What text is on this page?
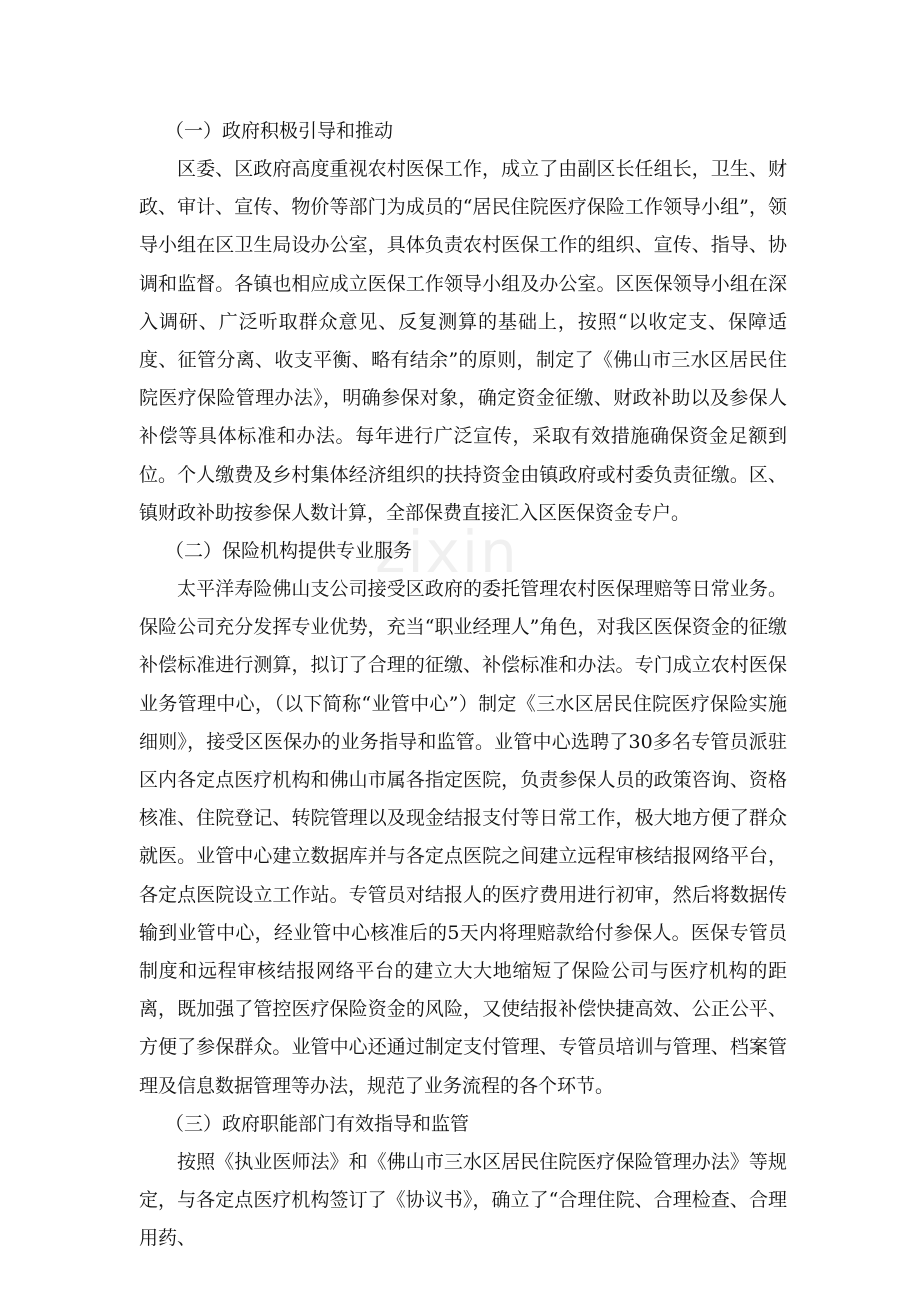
（一）政府积极引导和推动

区委、区政府高度重视农村医保工作，成立了由副区长任组长，卫生、财政、审计、宣传、物价等部门为成员的“居民住院医疗保险工作领导小组”，领导小组在区卫生局设办公室，具体负责农村医保工作的组织、宣传、指导、协调和监督。各镇也相应成立医保工作领导小组及办公室。区医保领导小组在深入调研、广泛听取群众意见、反复测算的基础上，按照“以收定支、保障适度、征管分离、收支平衡、略有结余”的原则，制定了《佛山市三水区居民住院医疗保险管理办法》，明确参保对象，确定资金征缴、财政补助以及参保人补偿等具体标准和办法。每年进行广泛宣传，采取有效措施确保资金足额到位。个人缴费及乡村集体经济组织的扶持资金由镇政府或村委负责征缴。区、镇财政补助按参保人数计算，全部保费直接汇入区医保资金专户。

（二）保险机构提供专业服务

太平洋寿险佛山支公司接受区政府的委托管理农村医保理赔等日常业务。保险公司充分发挥专业优势，充当“职业经理人”角色，对我区医保资金的征缴补偿标准进行测算，拟订了合理的征缴、补偿标准和办法。专门成立农村医保业务管理中心，（以下简称“业管中心”）制定《三水区居民住院医疗保险实施细则》，接受区医保办的业务指导和监管。业管中心选聘了30多名专管员派驻区内各定点医疗机构和佛山市属各指定医院，负责参保人员的政策咨询、资格核准、住院登记、转院管理以及现金结报支付等日常工作，极大地方便了群众就医。业管中心建立数据库并与各定点医院之间建立远程审核结报网络平台，各定点医院设立工作站。专管员对结报人的医疗费用进行初审，然后将数据传输到业管中心，经业管中心核准后的5天内将理赔款给付参保人。医保专管员制度和远程审核结报网络平台的建立大大地缩短了保险公司与医疗机构的距离，既加强了管控医疗保险资金的风险，又使结报补偿快捷高效、公正公平、方便了参保群众。业管中心还通过制定支付管理、专管员培训与管理、档案管理及信息数据管理等办法，规范了业务流程的各个环节。

（三）政府职能部门有效指导和监管

按照《执业医师法》和《佛山市三水区居民住院医疗保险管理办法》等规定，与各定点医疗机构签订了《协议书》，确立了“合理住院、合理检查、合理用药、

zixin
